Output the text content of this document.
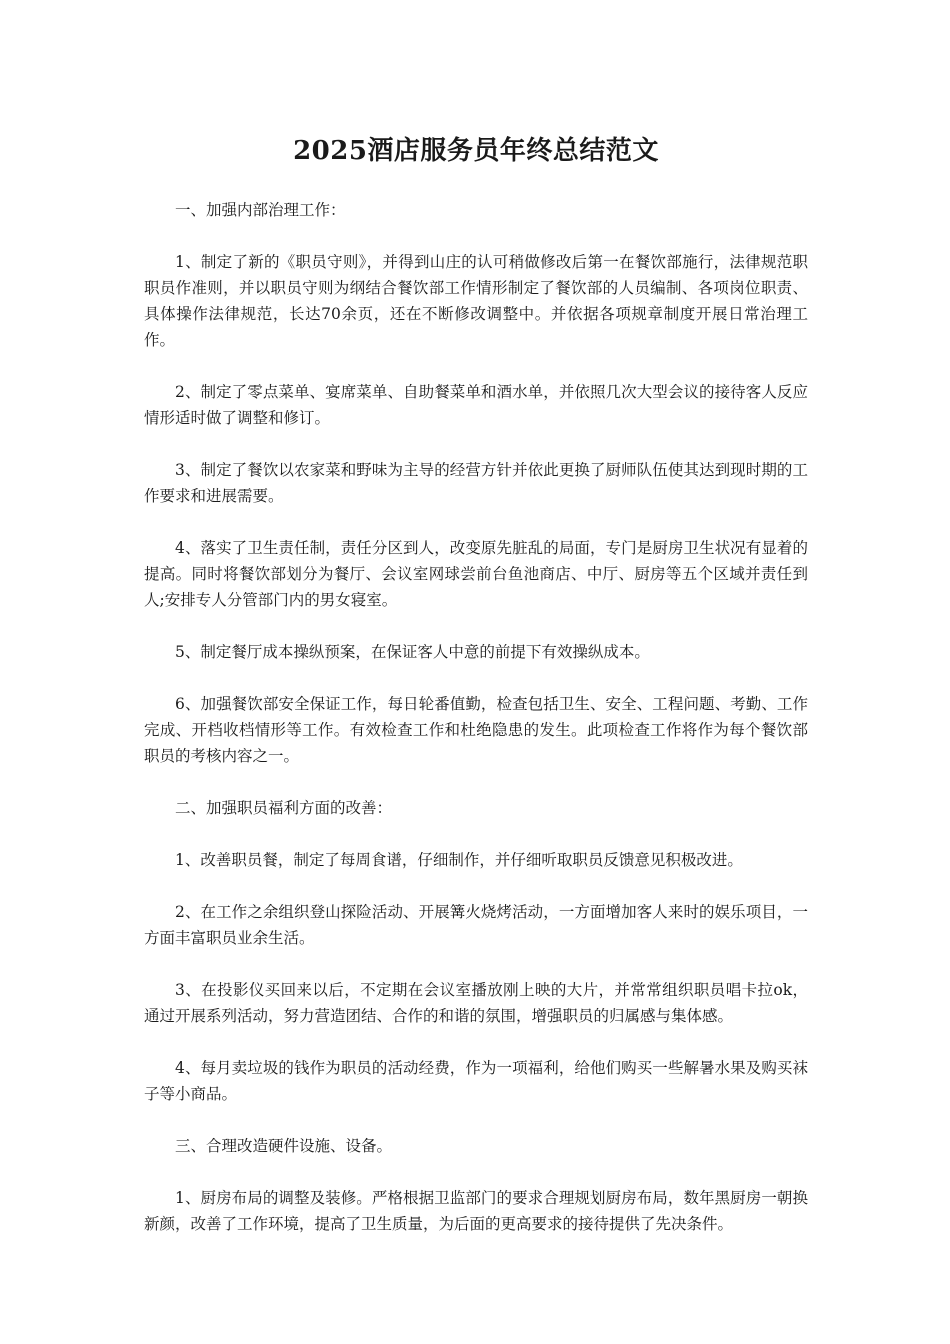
2025酒店服务员年终总结范文

一、加强内部治理工作：

1、制定了新的《职员守则》，并得到山庄的认可稍做修改后第一在餐饮部施行，法律规范职职员作准则，并以职员守则为纲结合餐饮部工作情形制定了餐饮部的人员编制、各项岗位职责、具体操作法律规范，长达70余页，还在不断修改调整中。并依据各项规章制度开展日常治理工作。

2、制定了零点菜单、宴席菜单、自助餐菜单和酒水单，并依照几次大型会议的接待客人反应情形适时做了调整和修订。

3、制定了餐饮以农家菜和野味为主导的经营方针并依此更换了厨师队伍使其达到现时期的工作要求和进展需要。

4、落实了卫生责任制，责任分区到人，改变原先脏乱的局面，专门是厨房卫生状况有显着的提高。同时将餐饮部划分为餐厅、会议室网球尝前台鱼池商店、中厅、厨房等五个区域并责任到人;安排专人分管部门内的男女寝室。

5、制定餐厅成本操纵预案，在保证客人中意的前提下有效操纵成本。

6、加强餐饮部安全保证工作，每日轮番值勤，检查包括卫生、安全、工程问题、考勤、工作完成、开档收档情形等工作。有效检查工作和杜绝隐患的发生。此项检查工作将作为每个餐饮部职员的考核内容之一。

二、加强职员福利方面的改善：

1、改善职员餐，制定了每周食谱，仔细制作，并仔细听取职员反馈意见积极改进。

2、在工作之余组织登山探险活动、开展篝火烧烤活动，一方面增加客人来时的娱乐项目，一方面丰富职员业余生活。

3、在投影仪买回来以后，不定期在会议室播放刚上映的大片，并常常组织职员唱卡拉ok，通过开展系列活动，努力营造团结、合作的和谐的氛围，增强职员的归属感与集体感。

4、每月卖垃圾的钱作为职员的活动经费，作为一项福利，给他们购买一些解暑水果及购买袜子等小商品。

三、合理改造硬件设施、设备。

1、厨房布局的调整及装修。严格根据卫监部门的要求合理规划厨房布局，数年黑厨房一朝换新颜，改善了工作环境，提高了卫生质量，为后面的更高要求的接待提供了先决条件。
